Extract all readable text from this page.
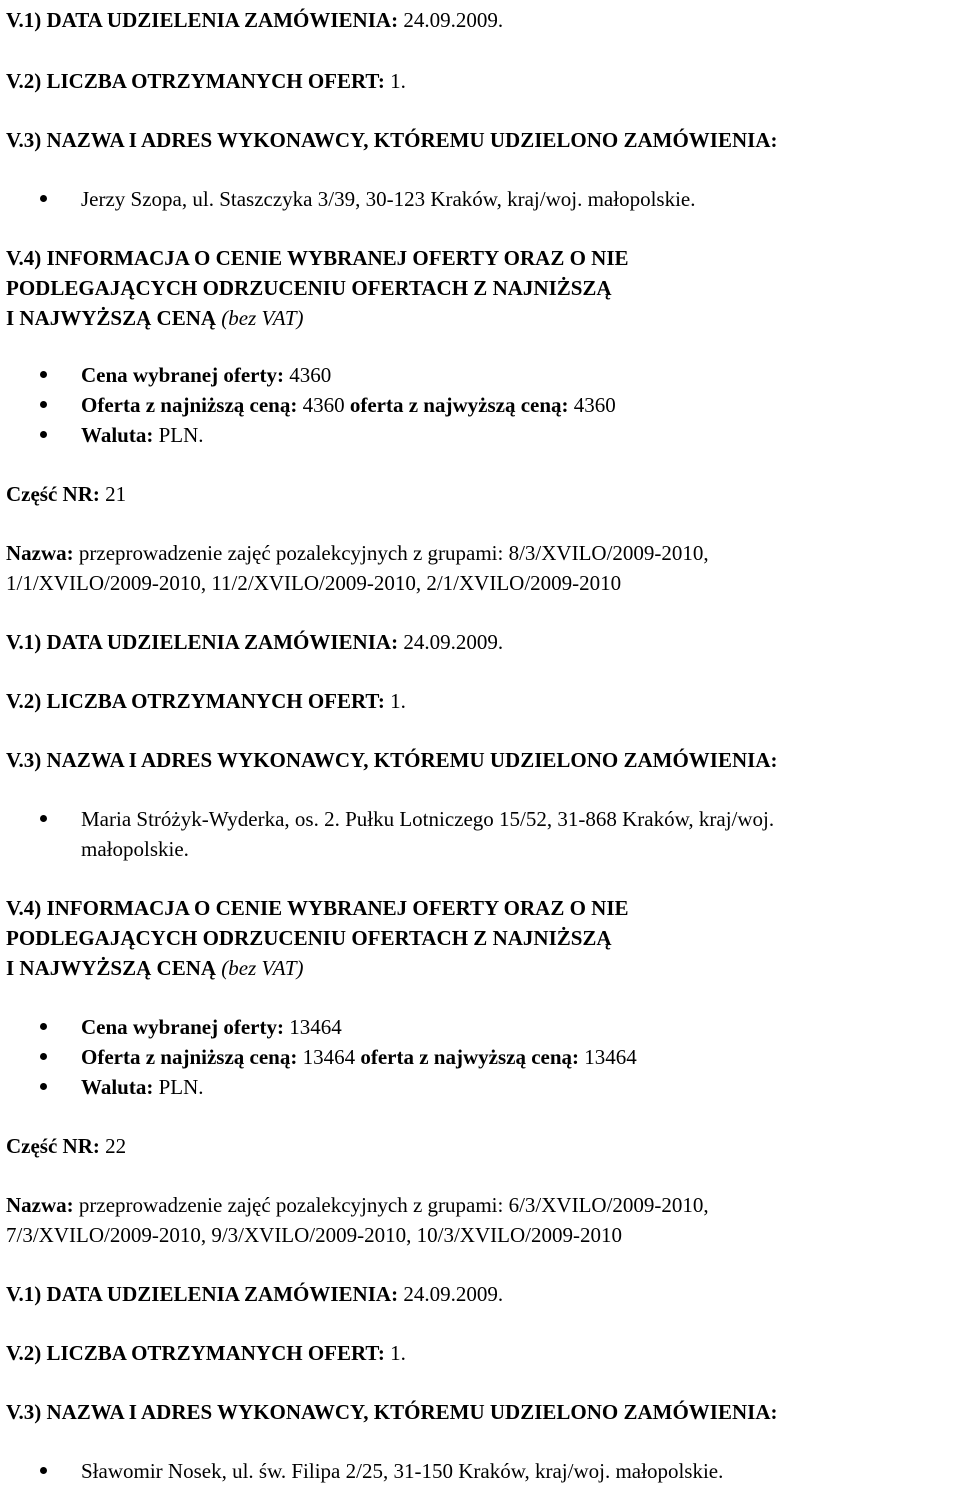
V.1) DATA UDZIELENIA ZAMÓWIENIA: 24.09.2009.
V.2) LICZBA OTRZYMANYCH OFERT: 1.
V.3) NAZWA I ADRES WYKONAWCY, KTÓREMU UDZIELONO ZAMÓWIENIA:
Jerzy Szopa, ul. Staszczyka 3/39, 30-123 Kraków, kraj/woj. małopolskie.
V.4) INFORMACJA O CENIE WYBRANEJ OFERTY ORAZ O NIE
PODLEGAJĄCYCH ODRZUCENIU OFERTACH Z NAJNIŻSZĄ
I NAJWYŻSZĄ CENĄ (bez VAT)
Cena wybranej oferty: 4360
Oferta z najniższą ceną: 4360 oferta z najwyższą ceną: 4360
Waluta: PLN.
Część NR: 21
Nazwa: przeprowadzenie zajęć pozalekcyjnych z grupami: 8/3/XVILO/2009-2010,
1/1/XVILO/2009-2010, 11/2/XVILO/2009-2010, 2/1/XVILO/2009-2010
V.1) DATA UDZIELENIA ZAMÓWIENIA: 24.09.2009.
V.2) LICZBA OTRZYMANYCH OFERT: 1.
V.3) NAZWA I ADRES WYKONAWCY, KTÓREMU UDZIELONO ZAMÓWIENIA:
Maria Stróżyk-Wyderka, os. 2. Pułku Lotniczego 15/52, 31-868 Kraków, kraj/woj.
małopolskie.
V.4) INFORMACJA O CENIE WYBRANEJ OFERTY ORAZ O NIE
PODLEGAJĄCYCH ODRZUCENIU OFERTACH Z NAJNIŻSZĄ
I NAJWYŻSZĄ CENĄ (bez VAT)
Cena wybranej oferty: 13464
Oferta z najniższą ceną: 13464 oferta z najwyższą ceną: 13464
Waluta: PLN.
Część NR: 22
Nazwa: przeprowadzenie zajęć pozalekcyjnych z grupami: 6/3/XVILO/2009-2010,
7/3/XVILO/2009-2010, 9/3/XVILO/2009-2010, 10/3/XVILO/2009-2010
V.1) DATA UDZIELENIA ZAMÓWIENIA: 24.09.2009.
V.2) LICZBA OTRZYMANYCH OFERT: 1.
V.3) NAZWA I ADRES WYKONAWCY, KTÓREMU UDZIELONO ZAMÓWIENIA:
Sławomir Nosek, ul. św. Filipa 2/25, 31-150 Kraków, kraj/woj. małopolskie.
